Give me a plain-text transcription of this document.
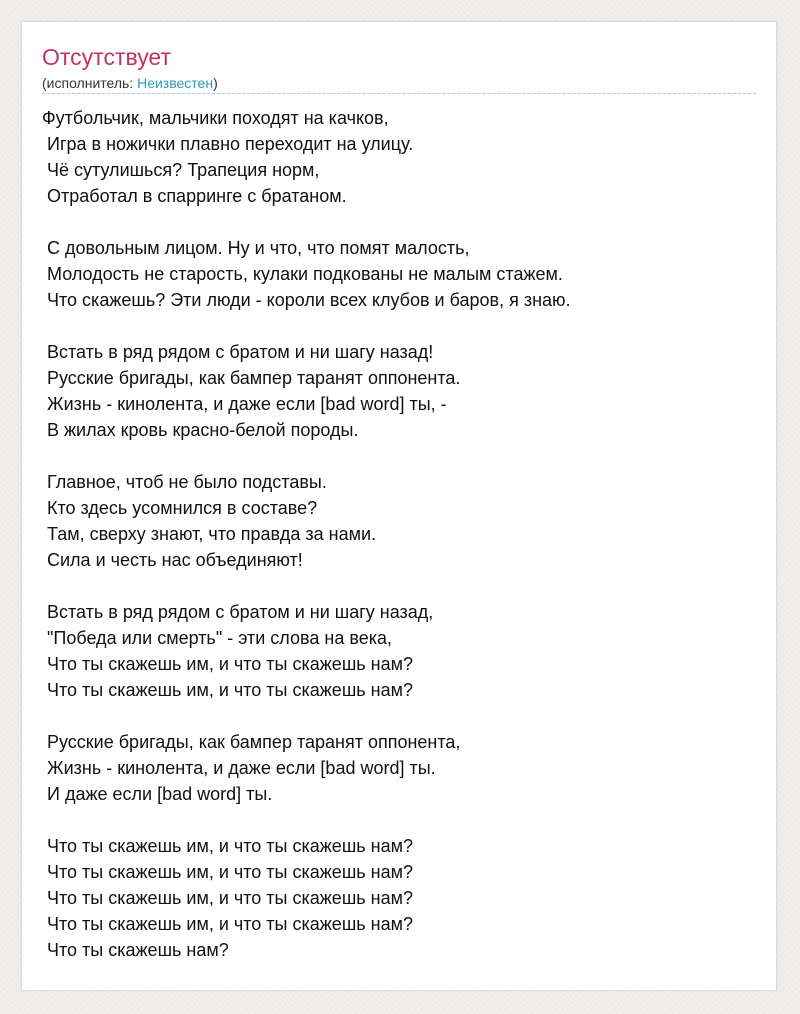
Отсутствует
(исполнитель: Неизвестен)
Футбольчик, мальчики походят на качков,
Игра в ножички плавно переходит на улицу.
Чё сутулишься? Трапеция норм,
Отработал в спарринге с братаном.
С довольным лицом. Ну и что, что помят малость,
Молодость не старость, кулаки подкованы не малым стажем.
Что скажешь? Эти люди - короли всех клубов и баров, я знаю.
Встать в ряд рядом с братом и ни шагу назад!
Русские бригады, как бампер таранят оппонента.
Жизнь - кинолента, и даже если [bad word] ты, -
В жилах кровь красно-белой породы.
Главное, чтоб не было подставы.
Кто здесь усомнился в составе?
Там, сверху знают, что правда за нами.
Сила и честь нас объединяют!
Встать в ряд рядом с братом и ни шагу назад,
"Победа или смерть" - эти слова на века,
Что ты скажешь им, и что ты скажешь нам?
Что ты скажешь им, и что ты скажешь нам?
Русские бригады, как бампер таранят оппонента,
Жизнь - кинолента, и даже если [bad word] ты.
И даже если [bad word] ты.
Что ты скажешь им, и что ты скажешь нам?
Что ты скажешь им, и что ты скажешь нам?
Что ты скажешь им, и что ты скажешь нам?
Что ты скажешь им, и что ты скажешь нам?
Что ты скажешь нам?
